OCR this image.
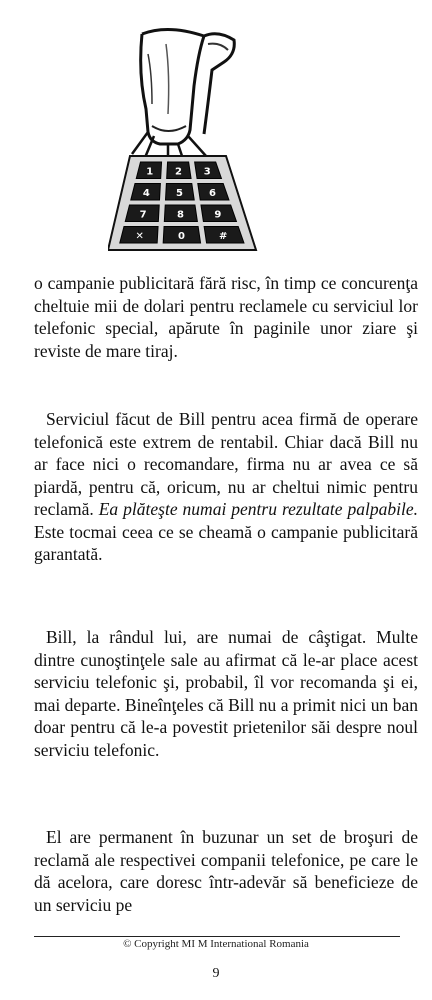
1 2 3
4	5	6
7	8	9
✕	0	#

o campanie publicitară fără risc, în timp ce concurenţa cheltuie mii de dolari pentru reclamele cu serviciul lor telefonic special, apărute în paginile unor ziare şi reviste de mare tiraj.

Serviciul făcut de Bill pentru acea firmă de operare telefonică este extrem de rentabil. Chiar dacă Bill nu ar face nici o recomandare, firma nu ar avea ce să piardă, pentru că, oricum, nu ar cheltui nimic pentru reclamă. Ea plăteşte numai pentru rezultate palpabile. Este tocmai ceea ce se cheamă o campanie publicitară garantată.

Bill, la rândul lui, are numai de câştigat. Multe dintre cunoştinţele sale au afirmat că le-ar place acest serviciu telefonic şi, probabil, îl vor recomanda şi ei, mai departe. Bineînţeles că Bill nu a primit nici un ban doar pentru că le-a povestit prietenilor săi despre noul serviciu telefonic.

El are permanent în buzunar un set de broşuri de reclamă ale respectivei companii telefonice, pe care le dă acelora, care doresc într-adevăr să beneficieze de un serviciu pe

© Copyright MI M International Romania
9
